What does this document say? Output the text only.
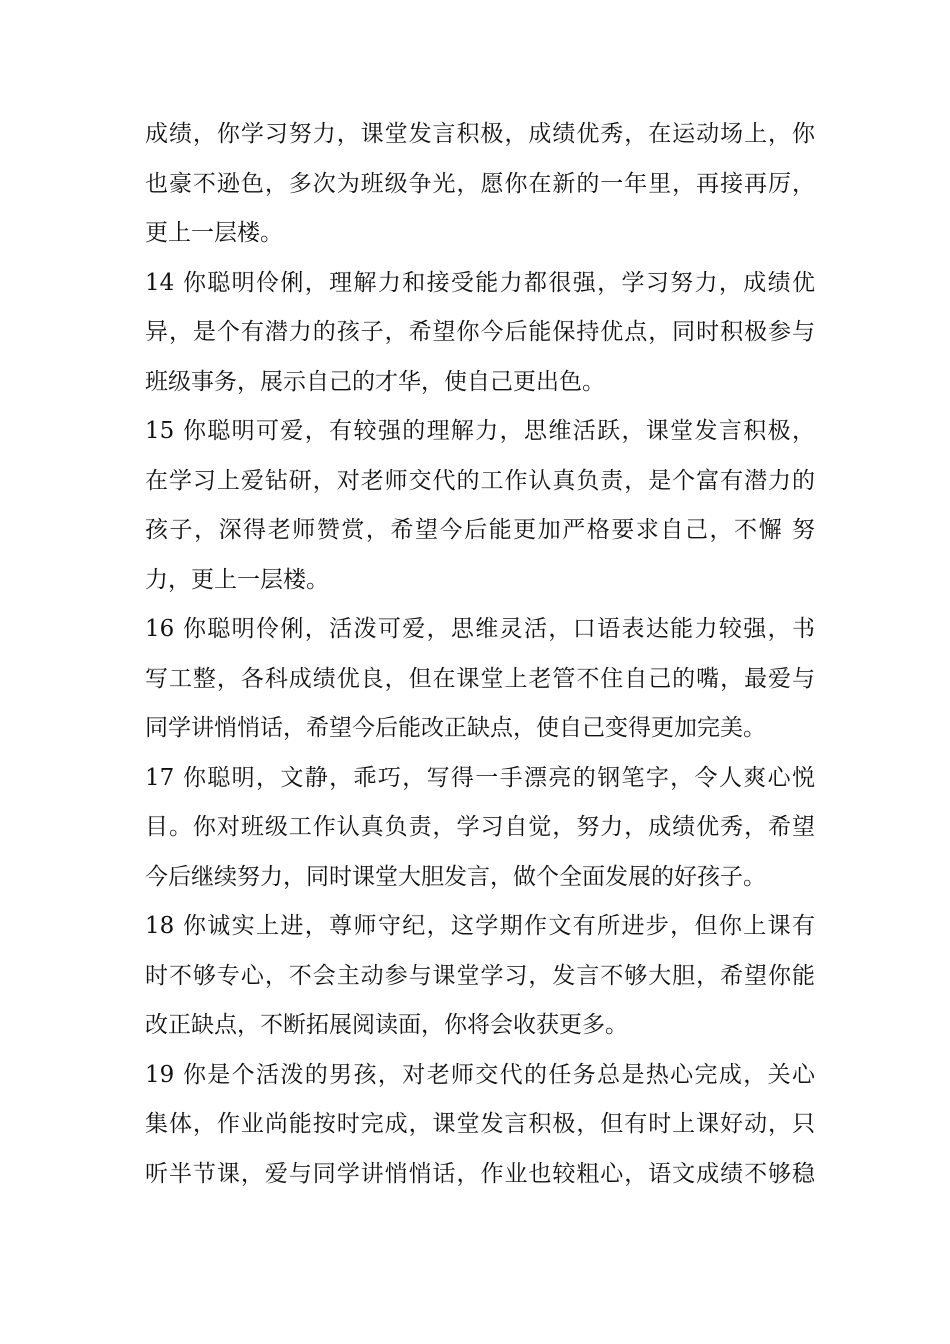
成绩，你学习努力，课堂发言积极，成绩优秀，在运动场上，你
也豪不逊色，多次为班级争光，愿你在新的一年里，再接再厉，
更上一层楼。
14 你聪明伶俐，理解力和接受能力都很强，学习努力，成绩优
异，是个有潜力的孩子，希望你今后能保持优点，同时积极参与
班级事务，展示自己的才华，使自己更出色。
15 你聪明可爱，有较强的理解力，思维活跃，课堂发言积极，
在学习上爱钻研，对老师交代的工作认真负责，是个富有潜力的
孩子，深得老师赞赏，希望今后能更加严格要求自己，不懈 努
力，更上一层楼。
16 你聪明伶俐，活泼可爱，思维灵活，口语表达能力较强，书
写工整，各科成绩优良，但在课堂上老管不住自己的嘴，最爱与
同学讲悄悄话，希望今后能改正缺点，使自己变得更加完美。
17 你聪明，文静，乖巧，写得一手漂亮的钢笔字，令人爽心悦
目。你对班级工作认真负责，学习自觉，努力，成绩优秀，希望
今后继续努力，同时课堂大胆发言，做个全面发展的好孩子。
18 你诚实上进，尊师守纪，这学期作文有所进步，但你上课有
时不够专心，不会主动参与课堂学习，发言不够大胆，希望你能
改正缺点，不断拓展阅读面，你将会收获更多。
19 你是个活泼的男孩，对老师交代的任务总是热心完成，关心
集体，作业尚能按时完成，课堂发言积极，但有时上课好动，只
听半节课，爱与同学讲悄悄话，作业也较粗心，语文成绩不够稳
